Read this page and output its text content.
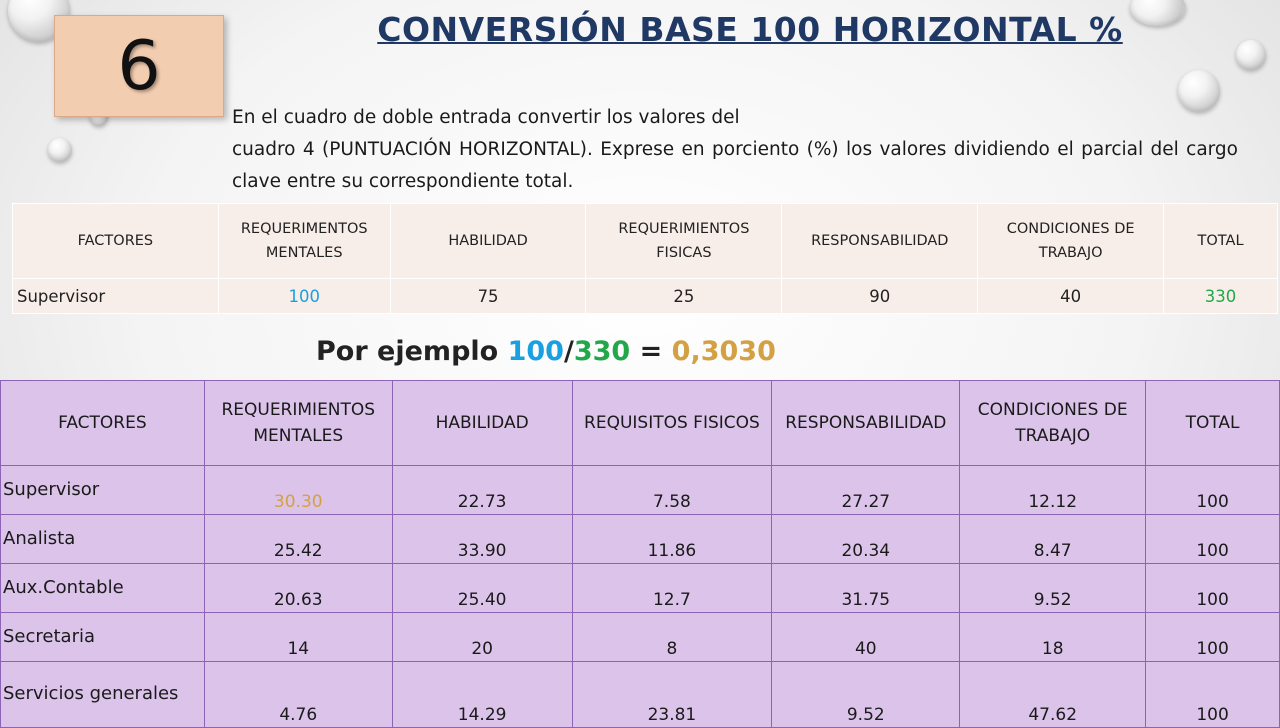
6	CONVERSIÓN BASE 100 HORIZONTAL %
En el cuadro de doble entrada convertir los valores del
cuadro 4 (PUNTUACIÓN HORIZONTAL). Exprese en porciento (%) los valores dividiendo el parcial del cargo clave entre su correspondiente total.
FACTORES	REQUERIMENTOS MENTALES	HABILIDAD	REQUERIMIENTOS FISICAS	RESPONSABILIDAD	CONDICIONES DE TRABAJO	TOTAL
Supervisor	100	75	25	90	40	330
Por ejemplo 100/330 = 0,3030
FACTORES	REQUERIMIENTOS MENTALES	HABILIDAD	REQUISITOS FISICOS	RESPONSABILIDAD	CONDICIONES DE TRABAJO	TOTAL
Supervisor	30.30	22.73	7.58	27.27	12.12	100
Analista	25.42	33.90	11.86	20.34	8.47	100
Aux.Contable	20.63	25.40	12.7	31.75	9.52	100
Secretaria	14	20	8	40	18	100
Servicios generales	4.76	14.29	23.81	9.52	47.62	100
